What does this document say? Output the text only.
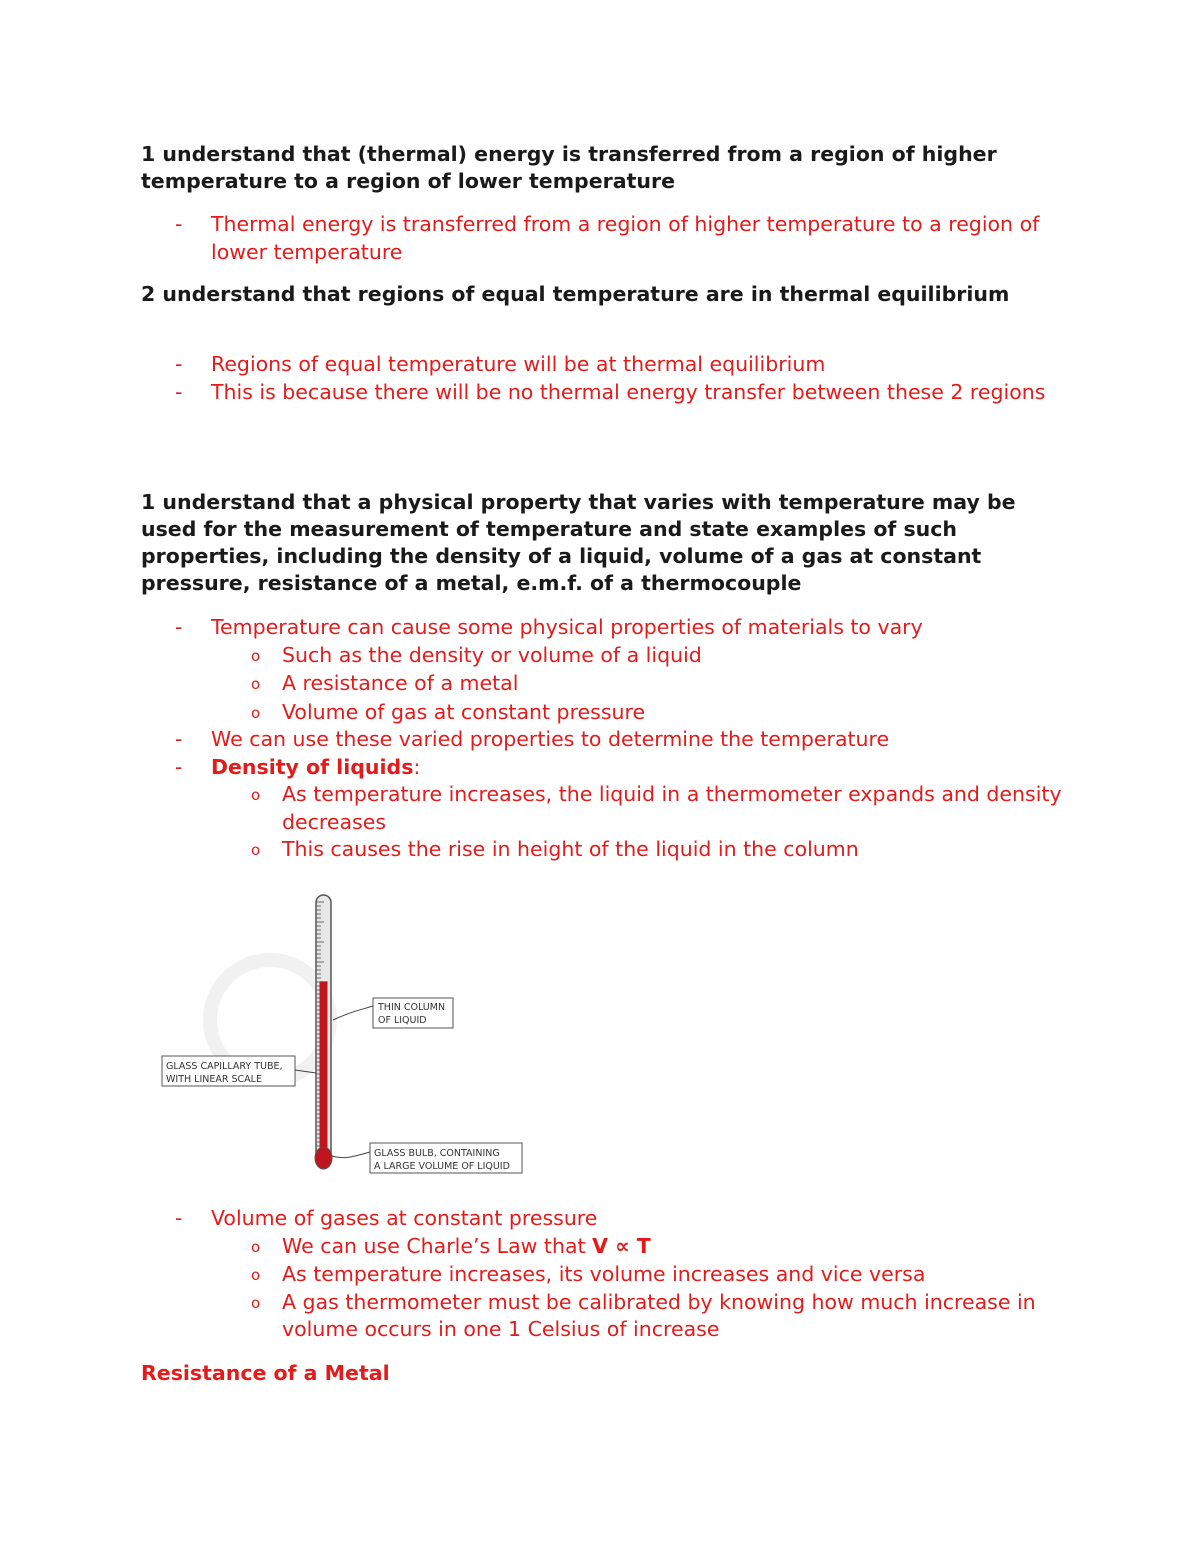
1 understand that (thermal) energy is transferred from a region of higher temperature to a region of lower temperature

- Thermal energy is transferred from a region of higher temperature to a region of lower temperature

2 understand that regions of equal temperature are in thermal equilibrium

- Regions of equal temperature will be at thermal equilibrium
- This is because there will be no thermal energy transfer between these 2 regions

1 understand that a physical property that varies with temperature may be used for the measurement of temperature and state examples of such properties, including the density of a liquid, volume of a gas at constant pressure, resistance of a metal, e.m.f. of a thermocouple

- Temperature can cause some physical properties of materials to vary
o Such as the density or volume of a liquid
o A resistance of a metal
o Volume of gas at constant pressure
- We can use these varied properties to determine the temperature
- Density of liquids:
o As temperature increases, the liquid in a thermometer expands and density decreases
o This causes the rise in height of the liquid in the column
THIN COLUMN
OF LIQUID
GLASS CAPILLARY TUBE,
WITH LINEAR SCALE
GLASS BULB, CONTAINING
A LARGE VOLUME OF LIQUID
- Volume of gases at constant pressure
o We can use Charle’s Law that V ∝ T
o As temperature increases, its volume increases and vice versa
o A gas thermometer must be calibrated by knowing how much increase in volume occurs in one 1 Celsius of increase

Resistance of a Metal
